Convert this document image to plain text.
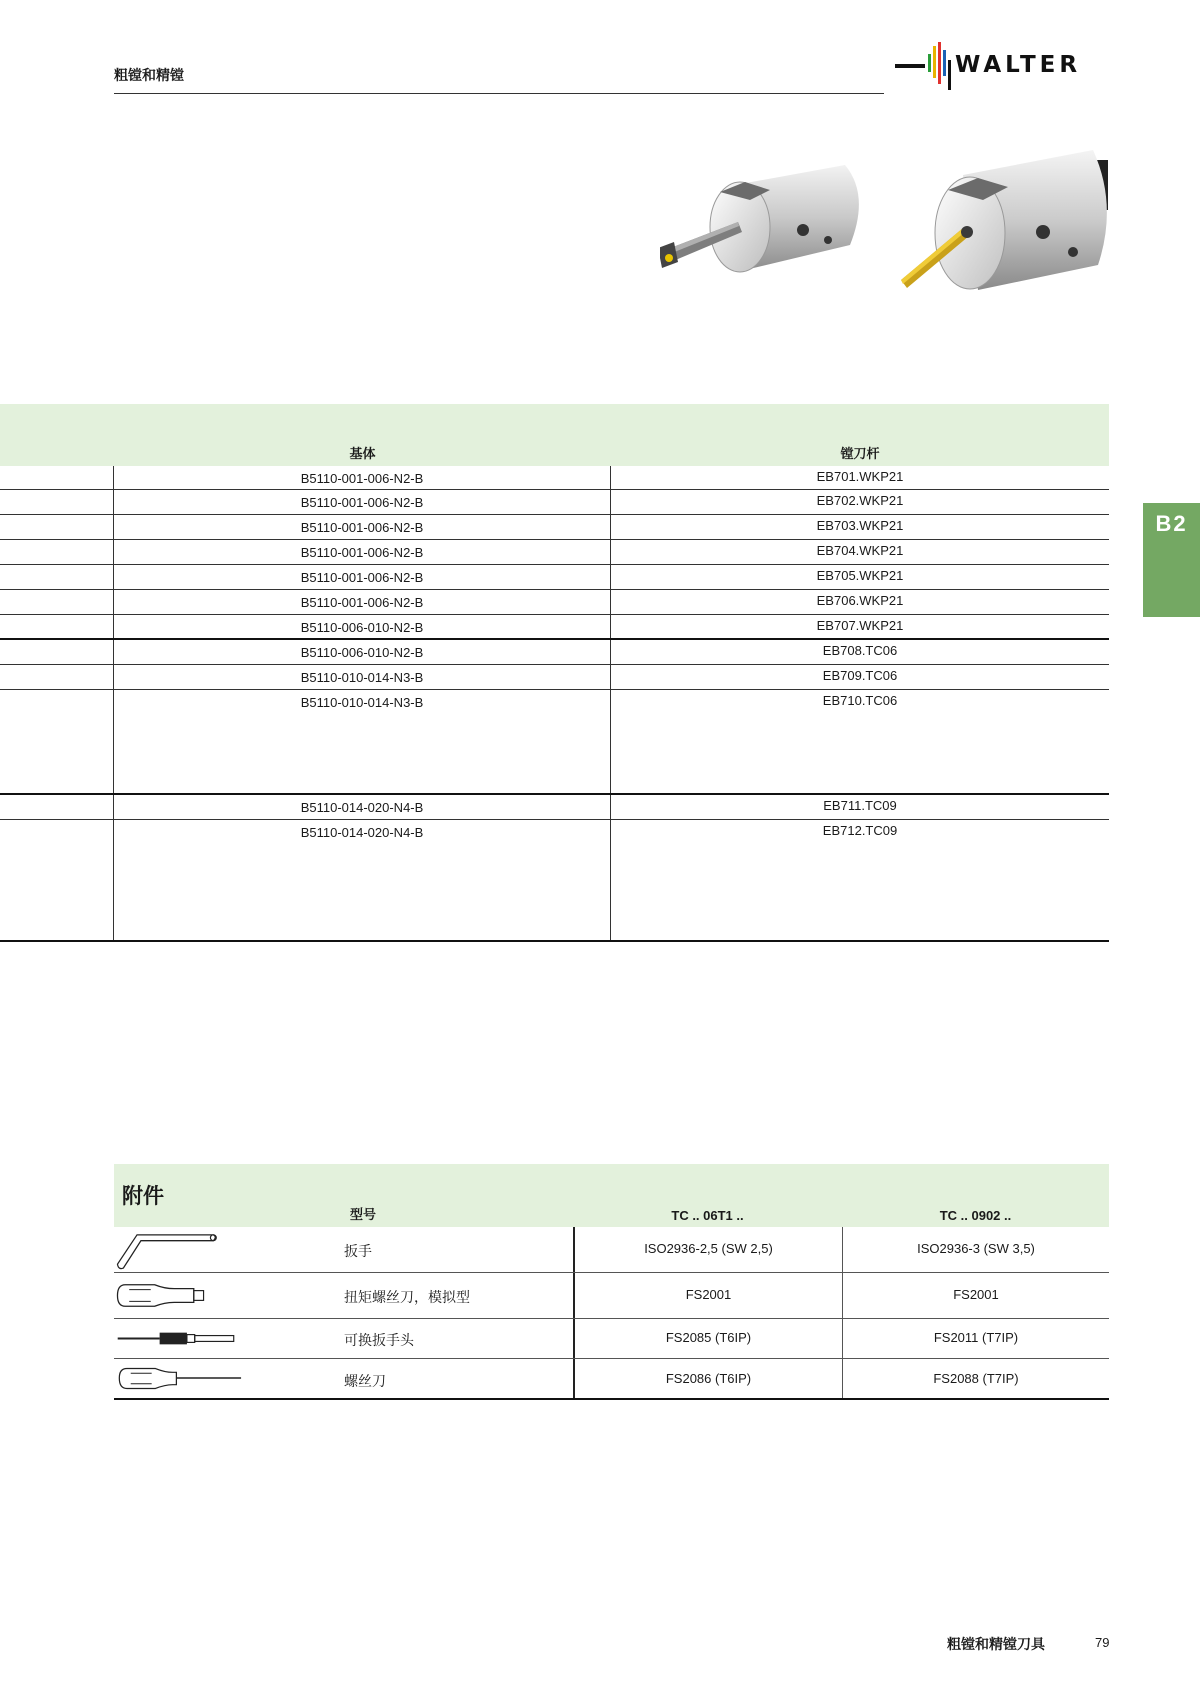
粗镗和精镗	WALTER
B2
基体	镗刀杆
B5110-001-006-N2-B	EB701.WKP21
B5110-001-006-N2-B	EB702.WKP21
B5110-001-006-N2-B	EB703.WKP21
B5110-001-006-N2-B	EB704.WKP21
B5110-001-006-N2-B	EB705.WKP21
B5110-001-006-N2-B	EB706.WKP21
B5110-006-010-N2-B	EB707.WKP21
B5110-006-010-N2-B	EB708.TC06
B5110-010-014-N3-B	EB709.TC06
B5110-010-014-N3-B	EB710.TC06
B5110-014-020-N4-B	EB711.TC09
B5110-014-020-N4-B	EB712.TC09
附件
型号	TC .. 06T1 ..	TC .. 0902 ..
扳手	ISO2936-2,5 (SW 2,5)	ISO2936-3 (SW 3,5)
扭矩螺丝刀，模拟型	FS2001	FS2001
可换扳手头	FS2085 (T6IP)	FS2011 (T7IP)
螺丝刀	FS2086 (T6IP)	FS2088 (T7IP)
粗镗和精镗刀具	79
